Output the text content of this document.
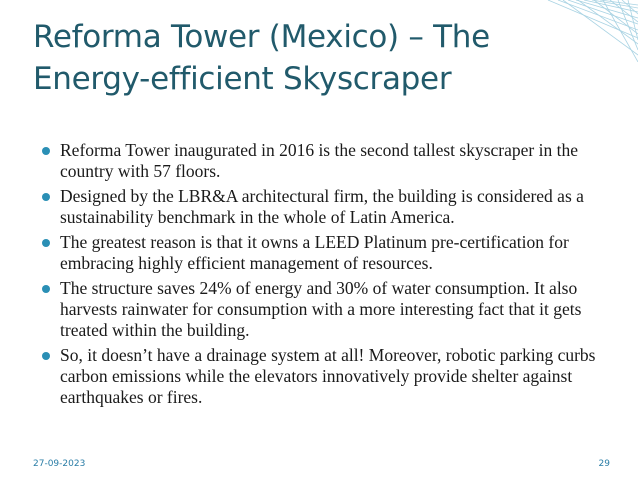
Reforma Tower (Mexico) – The Energy-efficient Skyscraper
Reforma Tower inaugurated in 2016 is the second tallest skyscraper in the country with 57 floors.
Designed by the LBR&A architectural firm, the building is considered as a sustainability benchmark in the whole of Latin America.
The greatest reason is that it owns a LEED Platinum pre-certification for embracing highly efficient management of resources.
The structure saves 24% of energy and 30% of water consumption. It also harvests rainwater for consumption with a more interesting fact that it gets treated within the building.
So, it doesn’t have a drainage system at all! Moreover, robotic parking curbs carbon emissions while the elevators innovatively provide shelter against earthquakes or fires.
27-09-2023	29
